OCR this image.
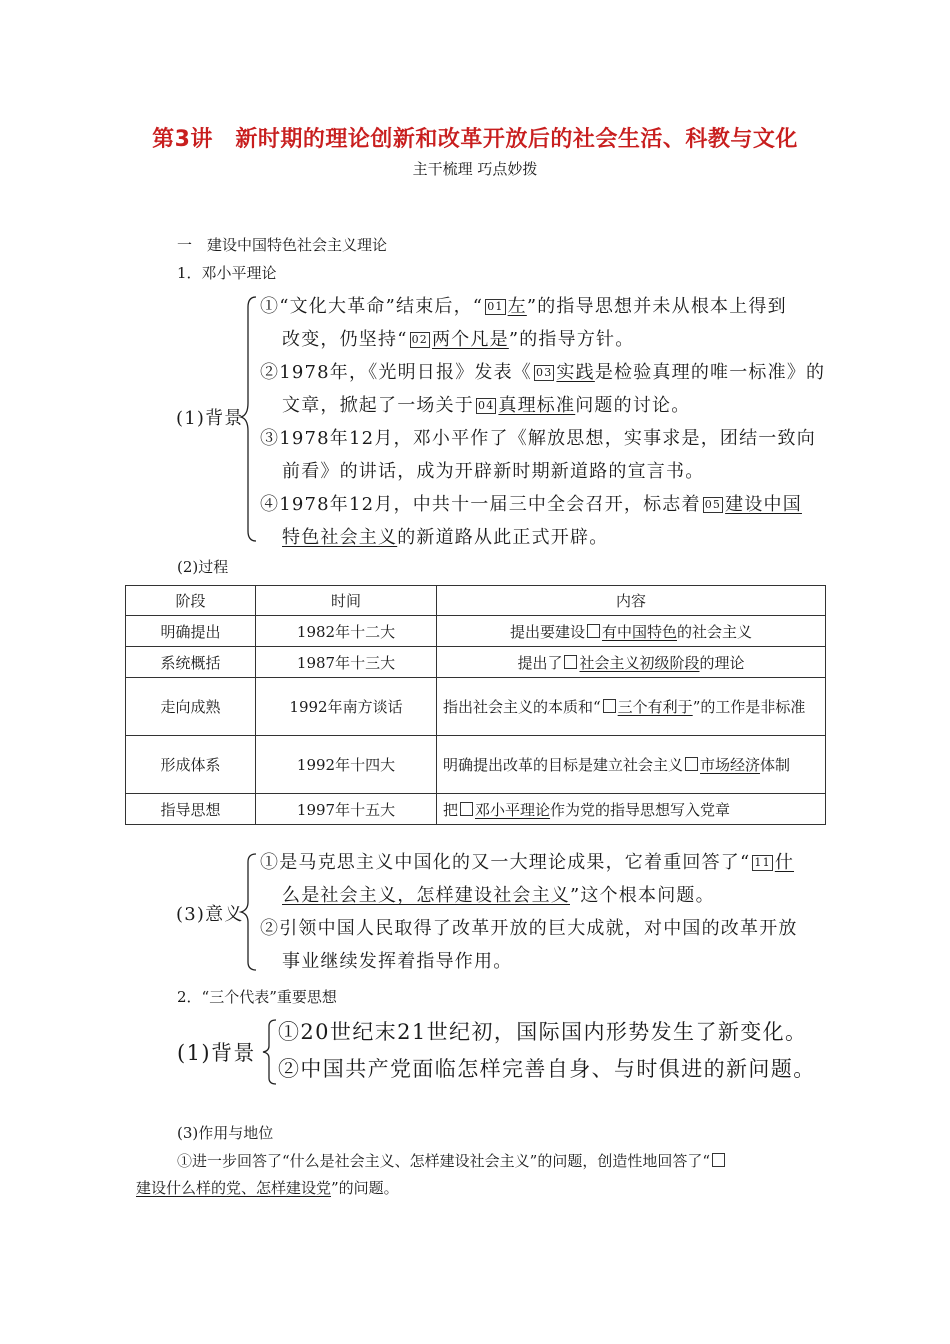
第3讲　新时期的理论创新和改革开放后的社会生活、科教与文化
主干梳理 巧点妙拨
一　建设中国特色社会主义理论
1．邓小平理论
(1)背景
①“文化大革命”结束后，“ 01 左”的指导思想并未从根本上得到
改变，仍坚持“ 02 两个凡是”的指导方针。
②1978年，《光明日报》发表《 03 实践是检验真理的唯一标准》的
文章，掀起了一场关于 04 真理标准问题的讨论。
③1978年12月，邓小平作了《解放思想，实事求是，团结一致向
前看》的讲话，成为开辟新时期新道路的宣言书。
④1978年12月，中共十一届三中全会召开，标志着 05 建设中国
特色社会主义的新道路从此正式开辟。
(2)过程
阶段	时间	内容
明确提出	1982年十二大	提出要建设 有中国特色的社会主义
系统概括	1987年十三大	提出了 社会主义初级阶段的理论
走向成熟	1992年南方谈话	指出社会主义的本质和“ 三个有利于”的工作是非标准
形成体系	1992年十四大	明确提出改革的目标是建立社会主义 市场经济体制
指导思想	1997年十五大	把 邓小平理论作为党的指导思想写入党章
(3)意义
①是马克思主义中国化的又一大理论成果，它着重回答了“ 11 什
么是社会主义，怎样建设社会主义”这个根本问题。
②引领中国人民取得了改革开放的巨大成就，对中国的改革开放
事业继续发挥着指导作用。
2．“三个代表”重要思想
(1)背景
①20世纪末21世纪初，国际国内形势发生了新变化。
②中国共产党面临怎样完善自身、与时俱进的新问题。
(3)作用与地位
①进一步回答了“什么是社会主义、怎样建设社会主义”的问题，创造性地回答了“
建设什么样的党、怎样建设党”的问题。
